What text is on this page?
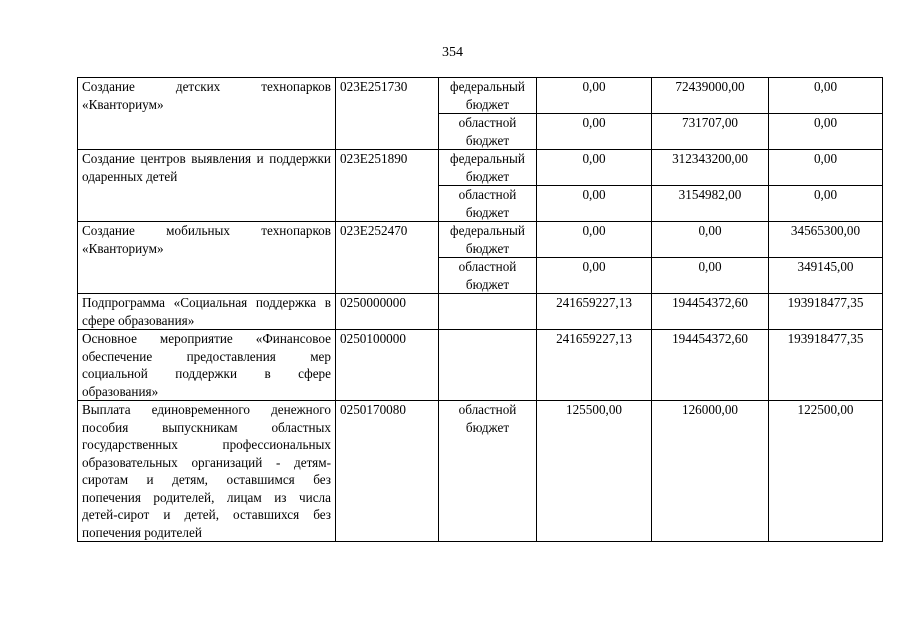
354
Создание детских технопарков «Кванториум»	023E251730	федеральный бюджет	0,00	72439000,00	0,00
		областной бюджет	0,00	731707,00	0,00
Создание центров выявления и поддержки одаренных детей	023E251890	федеральный бюджет	0,00	312343200,00	0,00
		областной бюджет	0,00	3154982,00	0,00
Создание мобильных технопарков «Кванториум»	023E252470	федеральный бюджет	0,00	0,00	34565300,00
		областной бюджет	0,00	0,00	349145,00
Подпрограмма «Социальная поддержка в сфере образования»	0250000000		241659227,13	194454372,60	193918477,35
Основное мероприятие «Финансовое обеспечение предоставления мер социальной поддержки в сфере образования»	0250100000		241659227,13	194454372,60	193918477,35
Выплата единовременного денежного пособия выпускникам областных государственных профессиональных образовательных организаций - детям-сиротам и детям, оставшимся без попечения родителей, лицам из числа детей-сирот и детей, оставшихся без попечения родителей	0250170080	областной бюджет	125500,00	126000,00	122500,00
